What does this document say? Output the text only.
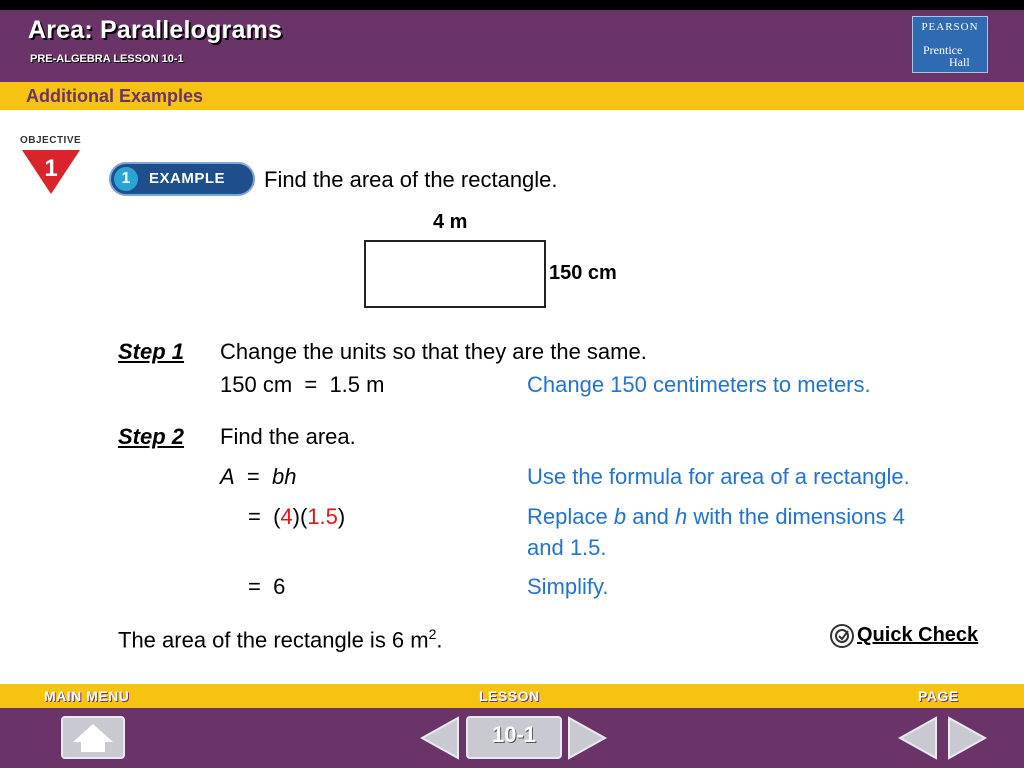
Area: Parallelograms
PRE-ALGEBRA LESSON 10-1
PEARSON
Prentice
Hall
Additional Examples
OBJECTIVE
1	1	EXAMPLE Find the area of the rectangle.
4 m
150 cm
Step 1 Change the units so that they are the same.
150 cm  =  1.5 m	Change 150 centimeters to meters.
Step 2 Find the area.
A  =  bh	Use the formula for area of a rectangle.
=  (4)(1.5)	Replace b and h with the dimensions 4
and 1.5.
=  6	Simplify.
The area of the rectangle is 6 $m^2$.	Quick Check
MAIN MENU	LESSON	PAGE
10-1
